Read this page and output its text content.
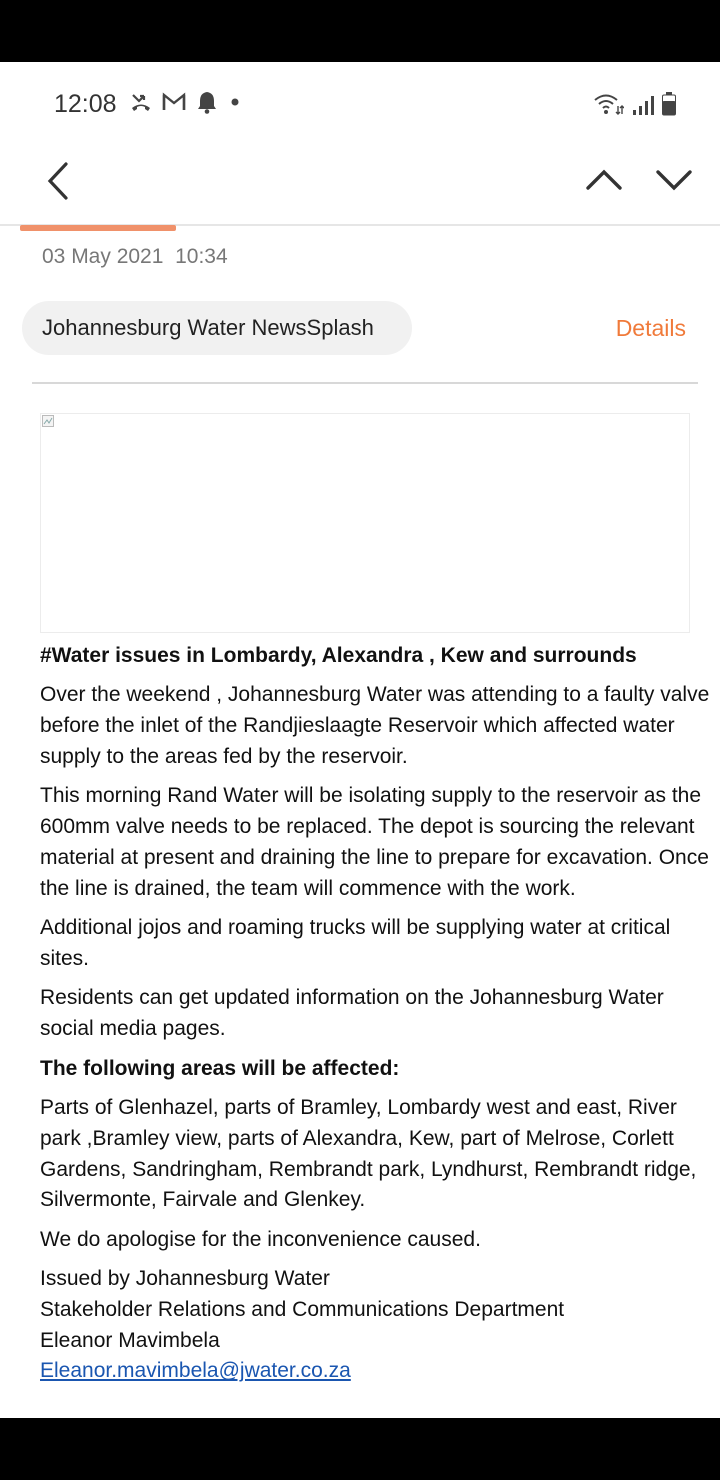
12:08
03 May 2021 10:34
Johannesburg Water NewsSplash	Details

#Water issues in Lombardy, Alexandra , Kew and surrounds

Over the weekend , Johannesburg Water was attending to a faulty valve before the inlet of the Randjieslaagte Reservoir which affected water supply to the areas fed by the reservoir.

This morning Rand Water will be isolating supply to the reservoir as the 600mm valve needs to be replaced. The depot is sourcing the relevant material at present and draining the line to prepare for excavation. Once the line is drained, the team will commence with the work.

Additional jojos and roaming trucks will be supplying water at critical sites.

Residents can get updated information on the Johannesburg Water social media pages.

The following areas will be affected:

Parts of Glenhazel, parts of Bramley, Lombardy west and east, River park ,Bramley view, parts of Alexandra, Kew, part of Melrose, Corlett Gardens, Sandringham, Rembrandt park, Lyndhurst, Rembrandt ridge, Silvermonte, Fairvale and Glenkey.

We do apologise for the inconvenience caused.

Issued by Johannesburg Water

Stakeholder Relations and Communications Department

Eleanor Mavimbela

Eleanor.mavimbela@jwater.co.za
